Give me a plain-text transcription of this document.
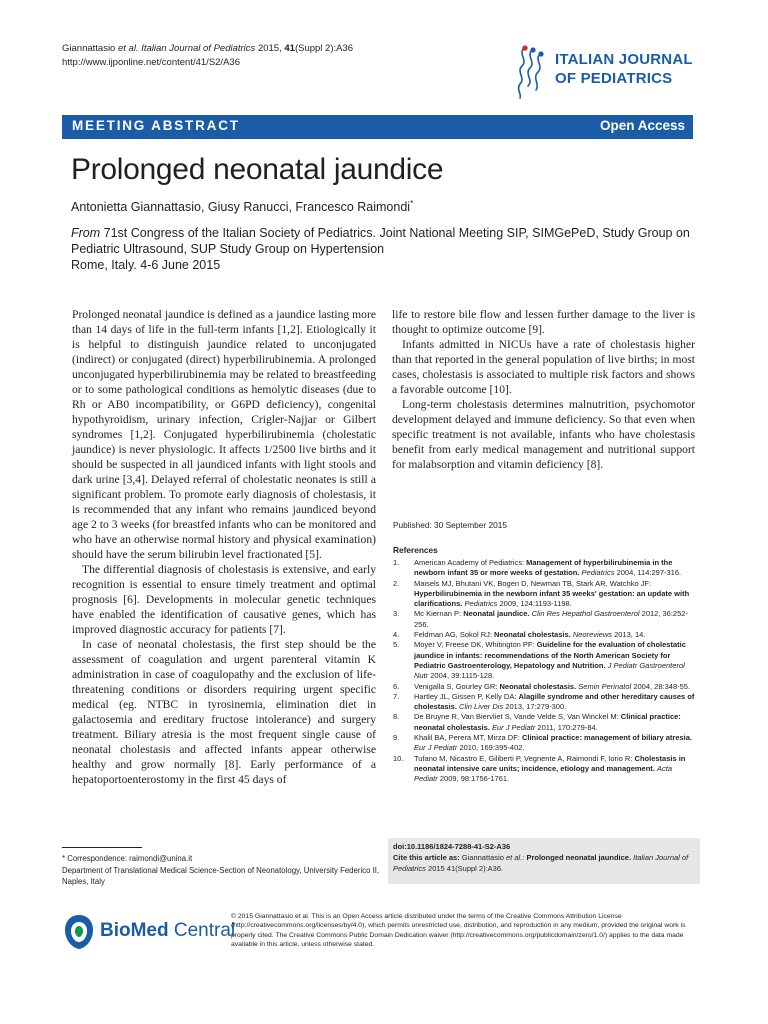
Giannattasio et al. Italian Journal of Pediatrics 2015, 41(Suppl 2):A36
http://www.ijponline.net/content/41/S2/A36	ITALIAN JOURNAL
OF PEDIATRICS
MEETING ABSTRACT	Open Access
Prolonged neonatal jaundice
Antonietta Giannattasio, Giusy Ranucci, Francesco Raimondi*
From 71st Congress of the Italian Society of Pediatrics. Joint National Meeting SIP, SIMGePeD, Study Group on Pediatric Ultrasound, SUP Study Group on Hypertension
Rome, Italy. 4-6 June 2015

Prolonged neonatal jaundice is defined as a jaundice lasting more than 14 days of life in the full-term infants [1,2]. Etiologically it is helpful to distinguish jaundice related to unconjugated (indirect) or conjugated (direct) hyperbilirubinemia. A prolonged unconjugated hyperbilirubinemia may be related to breastfeeding or to some pathological conditions as hemolytic diseases (due to Rh or AB0 incompatibility, or G6PD deficiency), congenital hypothyroidism, urinary infection, Crigler-Najjar or Gilbert syndromes [1,2]. Conjugated hyperbilirubinemia (cholestatic jaundice) is never physiologic. It affects 1/2500 live births and it should be suspected in all jaundiced infants with light stools and dark urine [3,4]. Delayed referral of cholestatic neonates is still a significant problem. To promote early diagnosis of cholestasis, it is recommended that any infant who remains jaundiced beyond age 2 to 3 weeks (for breastfed infants who can be monitored and who have an otherwise normal history and physical examination) should have the serum bilirubin level fractionated [5].

The differential diagnosis of cholestasis is extensive, and early recognition is essential to ensure timely treatment and optimal prognosis [6]. Developments in molecular genetic techniques have enabled the identification of causative genes, which has improved diagnostic accuracy for patients [7].

In case of neonatal cholestasis, the first step should be the assessment of coagulation and urgent parenteral vitamin K administration in case of coagulopathy and the exclusion of life-threatening conditions or disorders requiring urgent specific medical (eg. NTBC in tyrosinemia, elimination diet in galactosemia and ereditary fructose intolerance) and surgery treatment. Biliary atresia is the most frequent single cause of neonatal cholestasis and affected infants appear otherwise healthy and grow normally [8]. Early performance of a hepatoportoenterostomy in the first 45 days of

life to restore bile flow and lessen further damage to the liver is thought to optimize outcome [9].

Infants admitted in NICUs have a rate of cholestasis higher than that reported in the general population of live births; in most cases, cholestasis is associated to multiple risk factors and shows a favorable outcome [10].

Long-term cholestasis determines malnutrition, psychomotor development delayed and immune deficiency. So that even when specific treatment is not available, infants who have cholestasis benefit from early medical management and nutritional support for malabsorption and vitamin deficiency [8].

Published: 30 September 2015
References
1. American Academy of Pediatrics: Management of hyperbilirubinemia in the newborn infant 35 or more weeks of gestation. Pediatrics 2004, 114:297-316.
2. Maisels MJ, Bhutani VK, Bogen D, Newman TB, Stark AR, Watchko JF: Hyperbilirubinemia in the newborn infant 35 weeks' gestation: an update with clarifications. Pediatrics 2009, 124:1193-1198.
3. Mc Kiernan P: Neonatal jaundice. Clin Res Hepathol Gastroenterol 2012, 36:252-256.
4. Feldman AG, Sokol RJ: Neonatal cholestasis. Neoreviews 2013, 14.
5. Moyer V, Freese DK, Whitington PF: Guideline for the evaluation of cholestatic jaundice in infants: recommendations of the North American Society for Pediatric Gastroenterology, Hepatology and Nutrition. J Pediatr Gastroenterol Nutr 2004, 39:1115-128.
6. Venigalla S, Gourley GR: Neonatal cholestasis. Semin Perinatol 2004, 28:348-55.
7. Hartley JL, Gissen P, Kelly DA: Alagille syndrome and other hereditary causes of cholestasis. Clin Liver Dis 2013, 17:279-300.
8. De Bruyne R, Van Biervliet S, Vande Velde S, Van Winckel M: Clinical practice: neonatal cholestasis. Eur J Pediatr 2011, 170:279-84.
9. Khalil BA, Perera MT, Mirza DF: Clinical practice: management of biliary atresia. Eur J Pediatr 2010, 169:395-402.
10. Tufano M, Nicastro E, Giliberti P, Vegnente A, Raimondi F, Iorio R: Cholestasis in neonatal intensive care units; incidence, etiology and management. Acta Pediatr 2009, 98:1756-1761.
doi:10.1186/1824-7288-41-S2-A36
Cite this article as: Giannattasio et al.: Prolonged neonatal jaundice. Italian Journal of Pediatrics 2015 41(Suppl 2):A36.
* Correspondence: raimondi@unina.it
Department of Translational Medical Science-Section of Neonatology, University Federico II, Naples, Italy
BioMed Central
© 2015 Giannattasio et al. This is an Open Access article distributed under the terms of the Creative Commons Attribution License (http://creativecommons.org/licenses/by/4.0), which permits unrestricted use, distribution, and reproduction in any medium, provided the original work is properly cited. The Creative Commons Public Domain Dedication waiver (http://creativecommons.org/publicdomain/zero/1.0/) applies to the data made available in this article, unless otherwise stated.
